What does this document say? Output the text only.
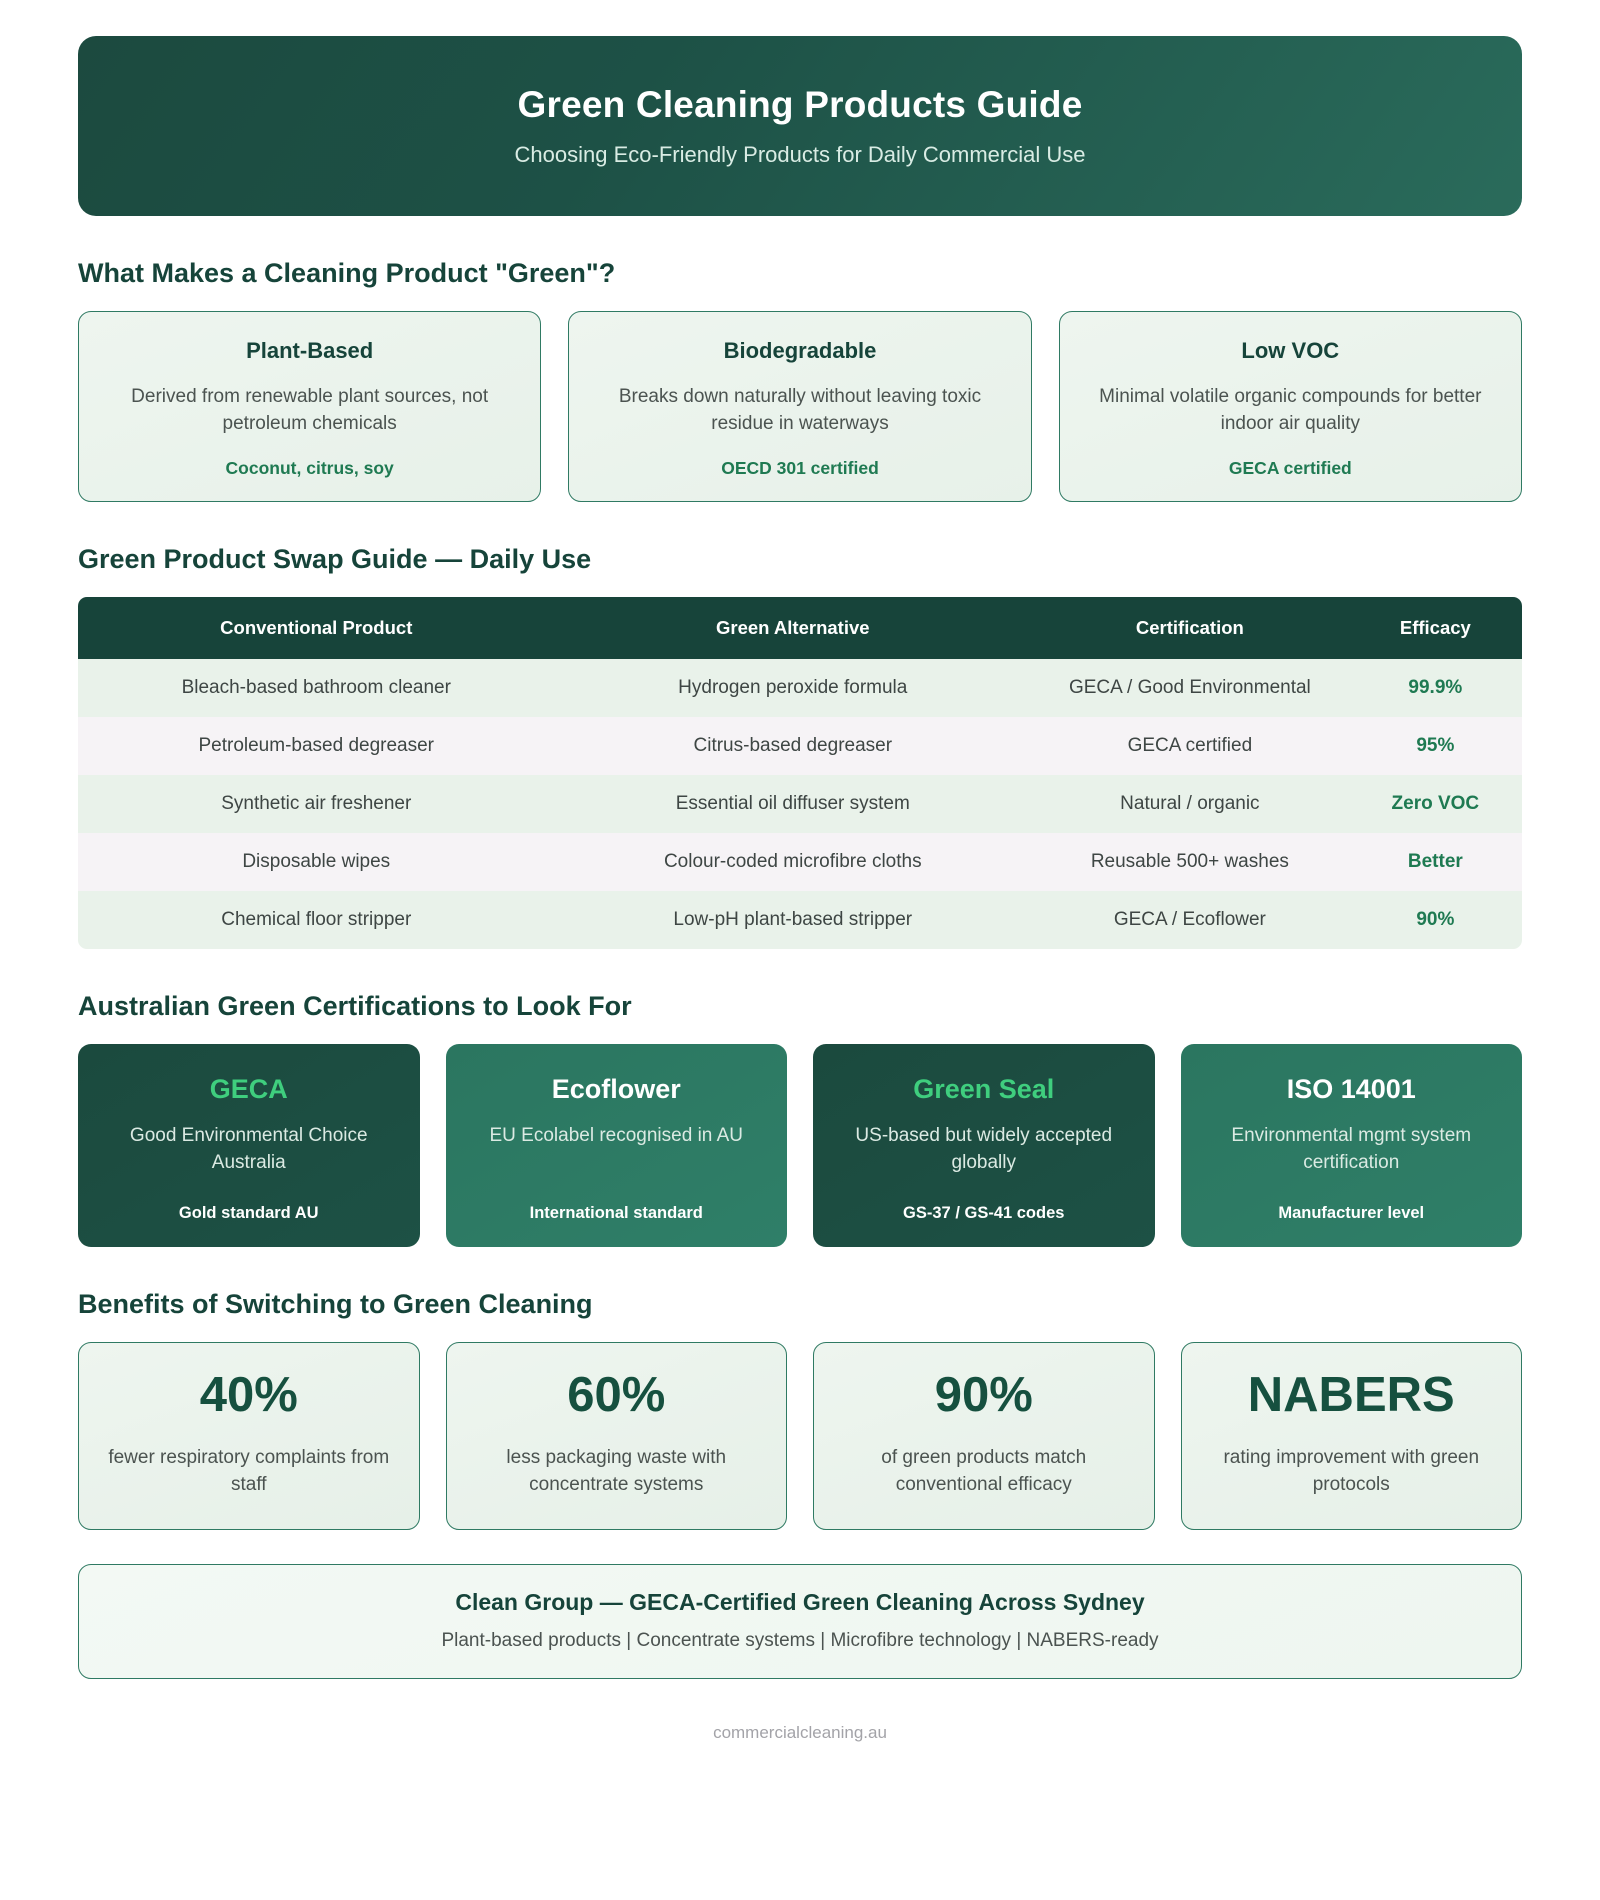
Green Cleaning Products Guide
Choosing Eco-Friendly Products for Daily Commercial Use
What Makes a Cleaning Product "Green"?
Plant-Based
Derived from renewable plant sources, not petroleum chemicals
Coconut, citrus, soy
Biodegradable
Breaks down naturally without leaving toxic residue in waterways
OECD 301 certified
Low VOC
Minimal volatile organic compounds for better indoor air quality
GECA certified
Green Product Swap Guide — Daily Use
Conventional Product	Green Alternative	Certification	Efficacy
Bleach-based bathroom cleaner	Hydrogen peroxide formula	GECA / Good Environmental	99.9%
Petroleum-based degreaser	Citrus-based degreaser	GECA certified	95%
Synthetic air freshener	Essential oil diffuser system	Natural / organic	Zero VOC
Disposable wipes	Colour-coded microfibre cloths	Reusable 500+ washes	Better
Chemical floor stripper	Low-pH plant-based stripper	GECA / Ecoflower	90%
Australian Green Certifications to Look For
GECA
Good Environmental Choice Australia
Gold standard AU
Ecoflower
EU Ecolabel recognised in AU
International standard
Green Seal
US-based but widely accepted globally
GS-37 / GS-41 codes
ISO 14001
Environmental mgmt system certification
Manufacturer level
Benefits of Switching to Green Cleaning
40%
fewer respiratory complaints from staff
60%
less packaging waste with concentrate systems
90%
of green products match conventional efficacy
NABERS
rating improvement with green protocols
Clean Group — GECA-Certified Green Cleaning Across Sydney
Plant-based products | Concentrate systems | Microfibre technology | NABERS-ready
commercialcleaning.au
